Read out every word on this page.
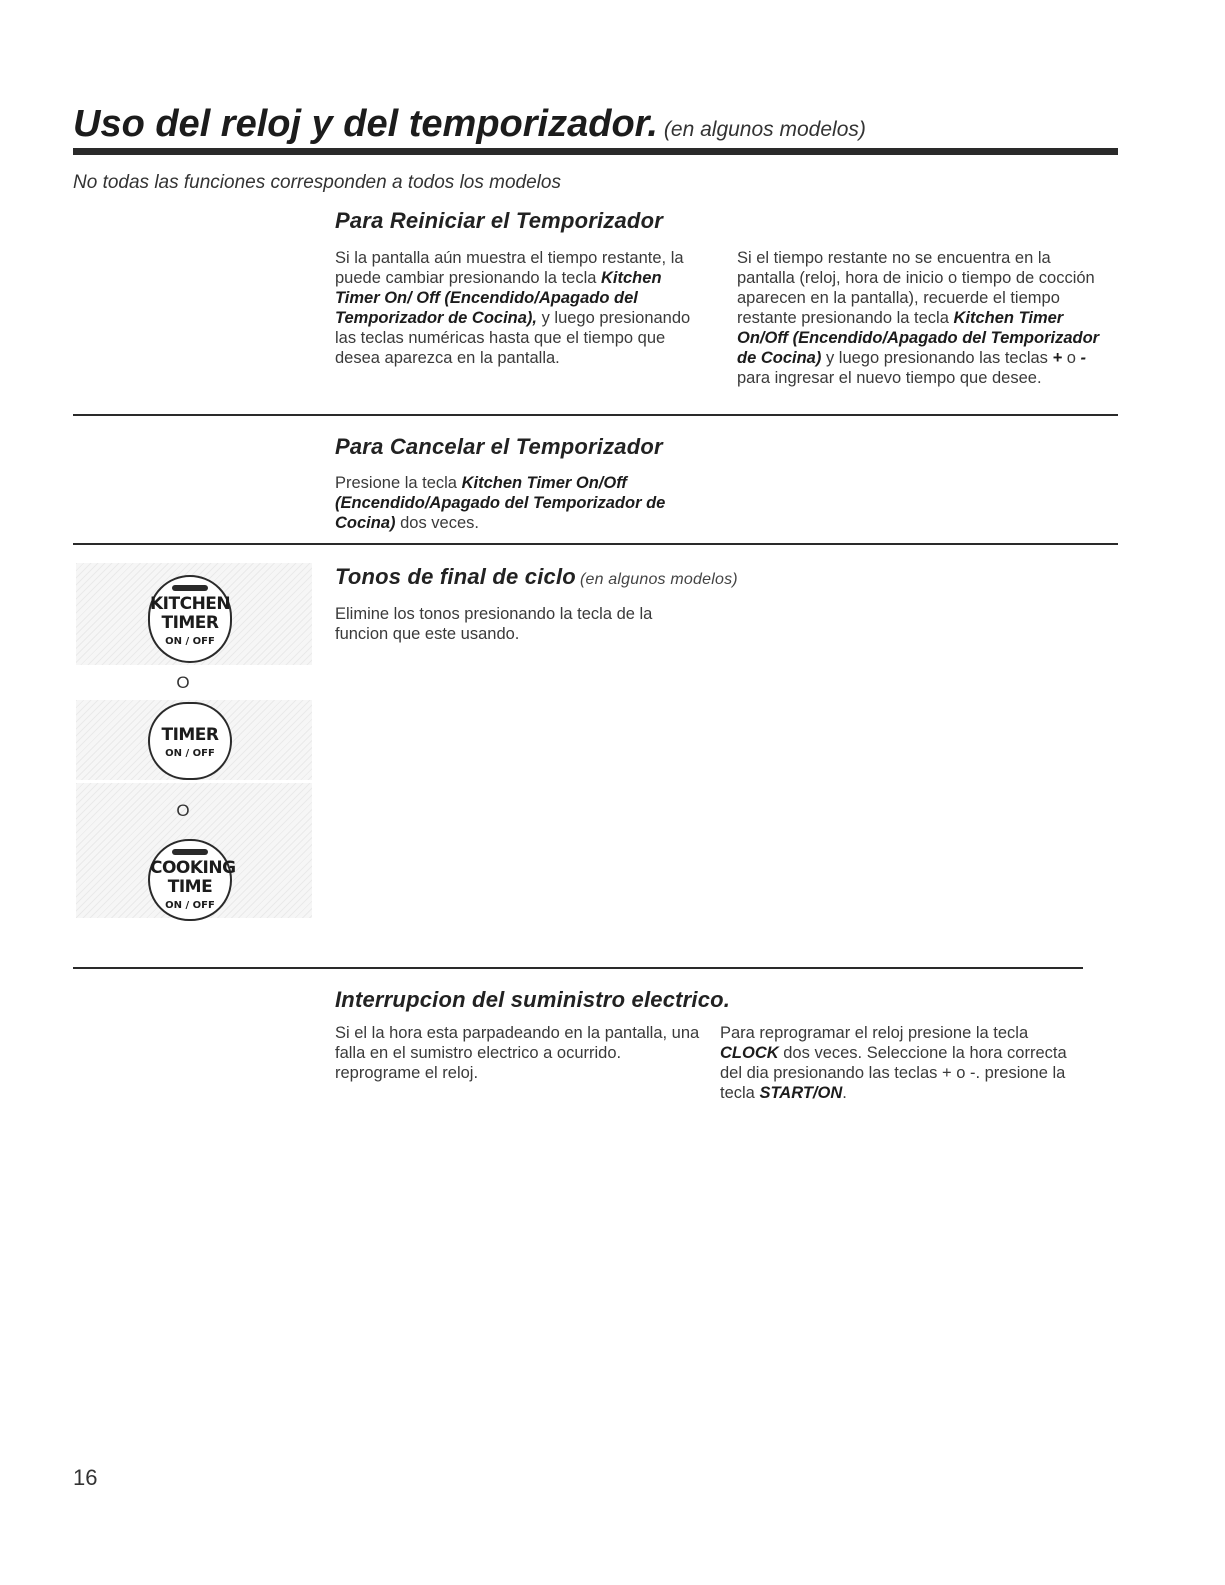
Uso del reloj y del temporizador. (en algunos modelos)
No todas las funciones corresponden a todos los modelos
Para Reiniciar el Temporizador
Si la pantalla aún muestra el tiempo restante, la puede cambiar presionando la tecla Kitchen Timer On/ Off (Encendido/Apagado del Temporizador de Cocina), y luego presionando las teclas numéricas hasta que el tiempo que desea aparezca en la pantalla.
Si el tiempo restante no se encuentra en la pantalla (reloj, hora de inicio o tiempo de cocción aparecen en la pantalla), recuerde el tiempo restante presionando la tecla Kitchen Timer On/Off (Encendido/Apagado del Temporizador de Cocina) y luego presionando las teclas + o - para ingresar el nuevo tiempo que desee.
Para Cancelar el Temporizador
Presione la tecla Kitchen Timer On/Off (Encendido/Apagado del Temporizador de Cocina) dos veces.
Tonos de final de ciclo (en algunos modelos)
Elimine los tonos presionando la tecla de la funcion que este usando.
KITCHEN
TIMER
ON / OFF
O
TIMER
ON / OFF
O
COOKING
TIME
ON / OFF
Interrupcion del suministro electrico.
Si el la hora esta parpadeando en la pantalla, una falla en el sumistro electrico a ocurrido. reprograme el reloj.
Para reprogramar el reloj presione la tecla CLOCK dos veces. Seleccione la hora correcta del dia presionando las teclas + o -. presione la tecla START/ON.
16
